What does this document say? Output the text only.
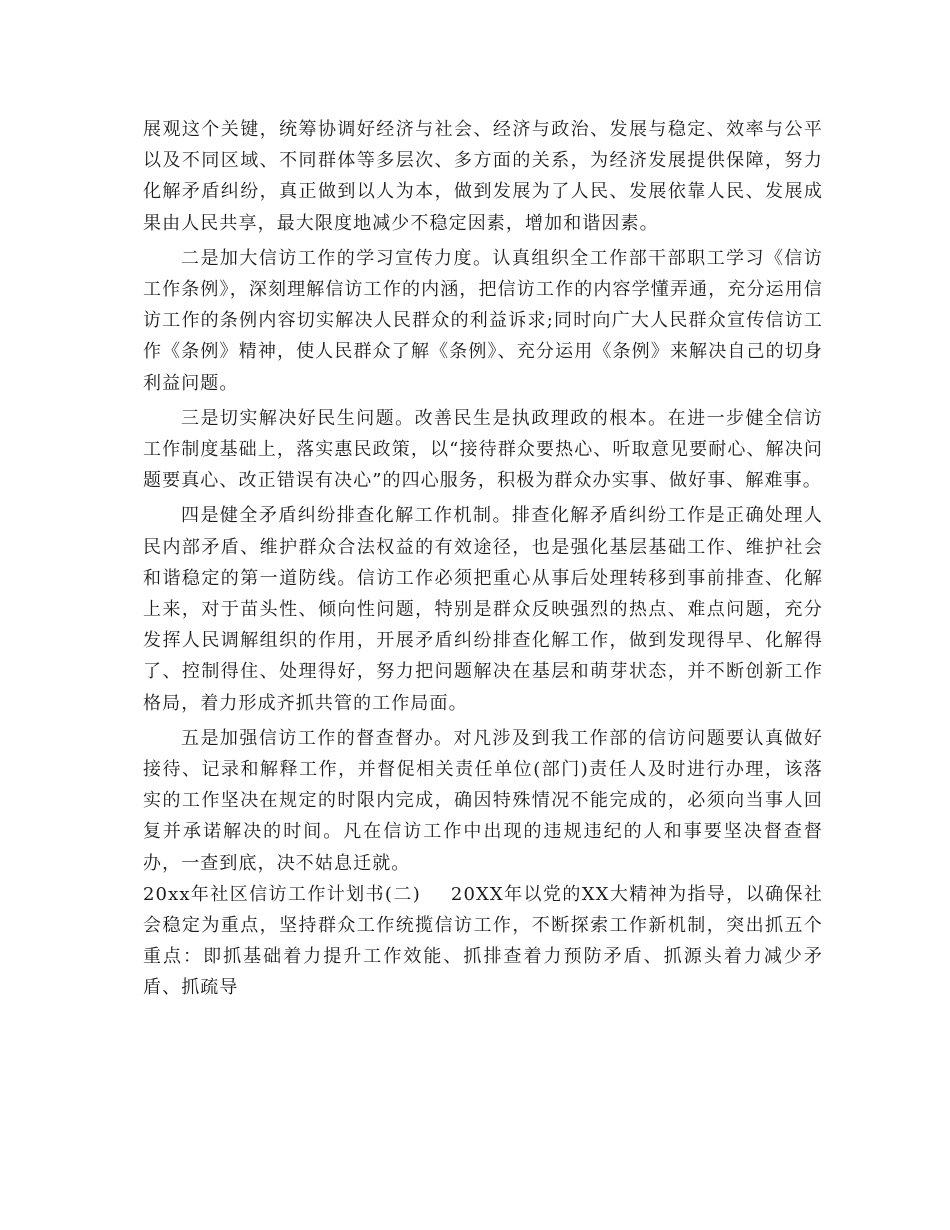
展观这个关键，统筹协调好经济与社会、经济与政治、发展与稳定、效率与公平以及不同区域、不同群体等多层次、多方面的关系，为经济发展提供保障，努力化解矛盾纠纷，真正做到以人为本，做到发展为了人民、发展依靠人民、发展成果由人民共享，最大限度地减少不稳定因素，增加和谐因素。

二是加大信访工作的学习宣传力度。认真组织全工作部干部职工学习《信访工作条例》，深刻理解信访工作的内涵，把信访工作的内容学懂弄通，充分运用信访工作的条例内容切实解决人民群众的利益诉求;同时向广大人民群众宣传信访工作《条例》精神，使人民群众了解《条例》、充分运用《条例》来解决自己的切身利益问题。

三是切实解决好民生问题。改善民生是执政理政的根本。在进一步健全信访工作制度基础上，落实惠民政策，以“接待群众要热心、听取意见要耐心、解决问题要真心、改正错误有决心”的四心服务，积极为群众办实事、做好事、解难事。

四是健全矛盾纠纷排查化解工作机制。排查化解矛盾纠纷工作是正确处理人民内部矛盾、维护群众合法权益的有效途径，也是强化基层基础工作、维护社会和谐稳定的第一道防线。信访工作必须把重心从事后处理转移到事前排查、化解上来，对于苗头性、倾向性问题，特别是群众反映强烈的热点、难点问题，充分发挥人民调解组织的作用，开展矛盾纠纷排查化解工作，做到发现得早、化解得了、控制得住、处理得好，努力把问题解决在基层和萌芽状态，并不断创新工作格局，着力形成齐抓共管的工作局面。

五是加强信访工作的督查督办。对凡涉及到我工作部的信访问题要认真做好接待、记录和解释工作，并督促相关责任单位(部门)责任人及时进行办理，该落实的工作坚决在规定的时限内完成，确因特殊情况不能完成的，必须向当事人回复并承诺解决的时间。凡在信访工作中出现的违规违纪的人和事要坚决督查督办，一查到底，决不姑息迁就。

20xx年社区信访工作计划书(二) 20XX年以党的XX大精神为指导，以确保社会稳定为重点，坚持群众工作统揽信访工作，不断探索工作新机制，突出抓五个重点：即抓基础着力提升工作效能、抓排查着力预防矛盾、抓源头着力减少矛盾、抓疏导
